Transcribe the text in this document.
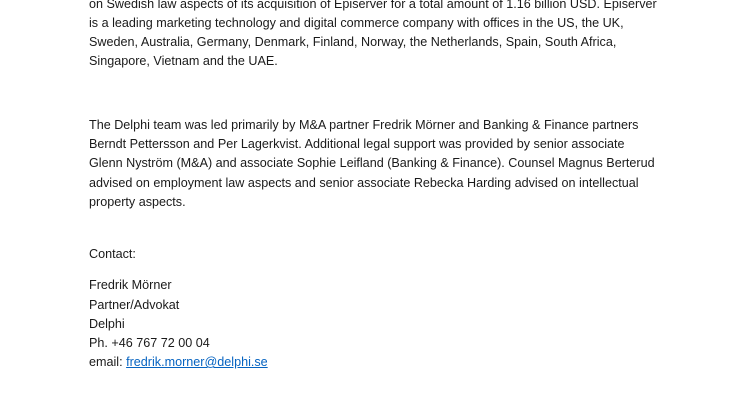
on Swedish law aspects of its acquisition of Episerver for a total amount of 1.16 billion USD. Episerver
is a leading marketing technology and digital commerce company with offices in the US, the UK,
Sweden, Australia, Germany, Denmark, Finland, Norway, the Netherlands, Spain, South Africa,
Singapore, Vietnam and the UAE.
The Delphi team was led primarily by M&A partner Fredrik Mörner and Banking & Finance partners
Berndt Pettersson and Per Lagerkvist. Additional legal support was provided by senior associate
Glenn Nyström (M&A) and associate Sophie Leifland (Banking & Finance). Counsel Magnus Berterud
advised on employment law aspects and senior associate Rebecka Harding advised on intellectual
property aspects.
Contact:
Fredrik Mörner
Partner/Advokat
Delphi
Ph. +46 767 72 00 04
email: fredrik.morner@delphi.se
